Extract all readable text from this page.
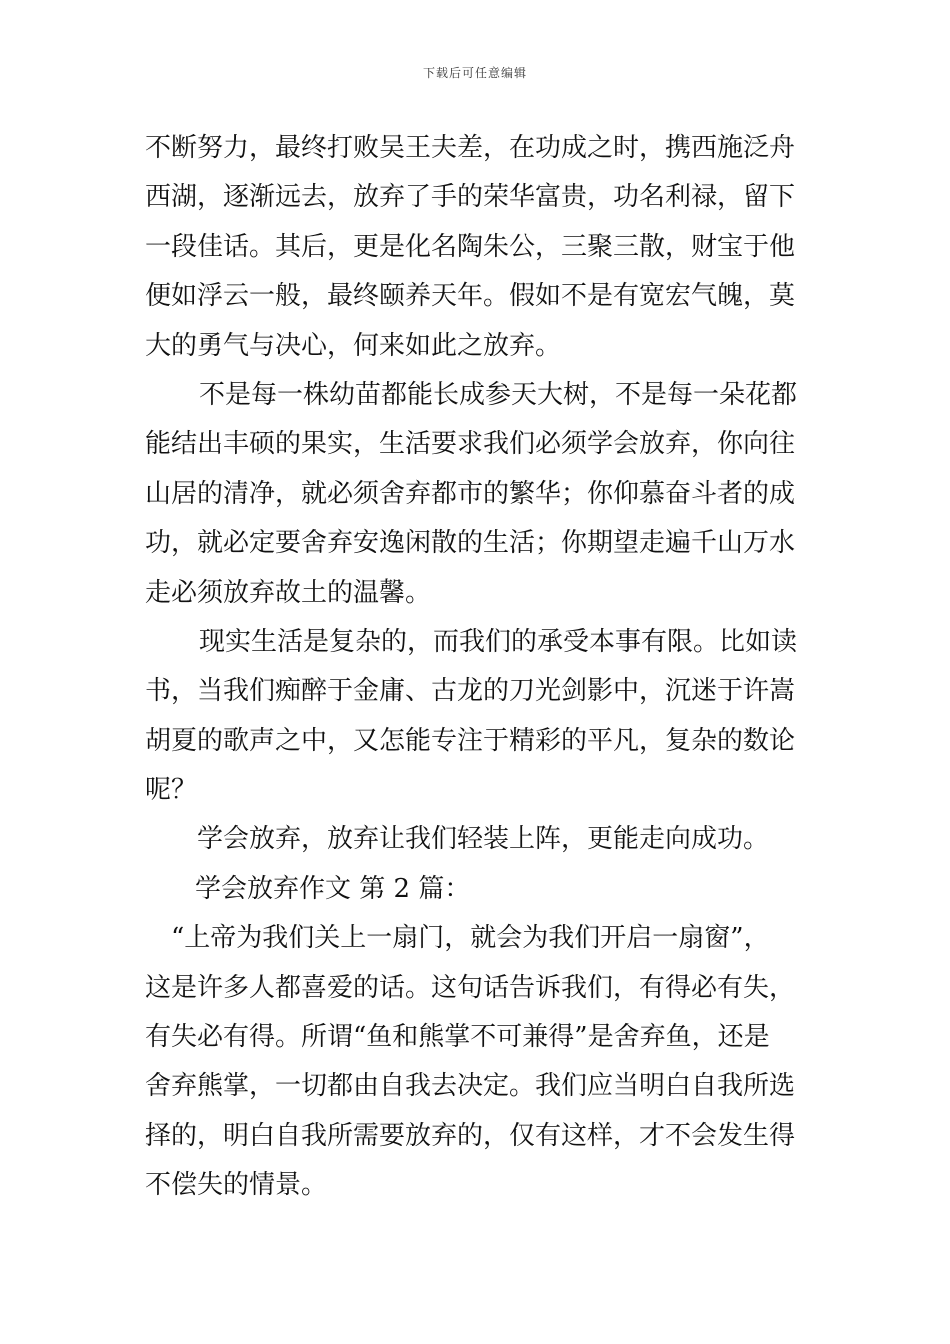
下载后可任意编辑
不断努力，最终打败吴王夫差，在功成之时，携西施泛舟
西湖，逐渐远去，放弃了手的荣华富贵，功名利禄，留下
一段佳话。其后，更是化名陶朱公，三聚三散，财宝于他
便如浮云一般，最终颐养天年。假如不是有宽宏气魄，莫
大的勇气与决心，何来如此之放弃。
不是每一株幼苗都能长成参天大树，不是每一朵花都
能结出丰硕的果实，生活要求我们必须学会放弃，你向往
山居的清净，就必须舍弃都市的繁华；你仰慕奋斗者的成
功，就必定要舍弃安逸闲散的生活；你期望走遍千山万水
走必须放弃故土的温馨。
现实生活是复杂的，而我们的承受本事有限。比如读
书，当我们痴醉于金庸、古龙的刀光剑影中，沉迷于许嵩
胡夏的歌声之中，又怎能专注于精彩的平凡，复杂的数论
呢？
学会放弃，放弃让我们轻装上阵，更能走向成功。
学会放弃作文 第 2 篇：
“上帝为我们关上一扇门，就会为我们开启一扇窗”，
这是许多人都喜爱的话。这句话告诉我们，有得必有失，
有失必有得。所谓“鱼和熊掌不可兼得”是舍弃鱼，还是
舍弃熊掌，一切都由自我去决定。我们应当明白自我所选
择的，明白自我所需要放弃的，仅有这样，才不会发生得
不偿失的情景。
